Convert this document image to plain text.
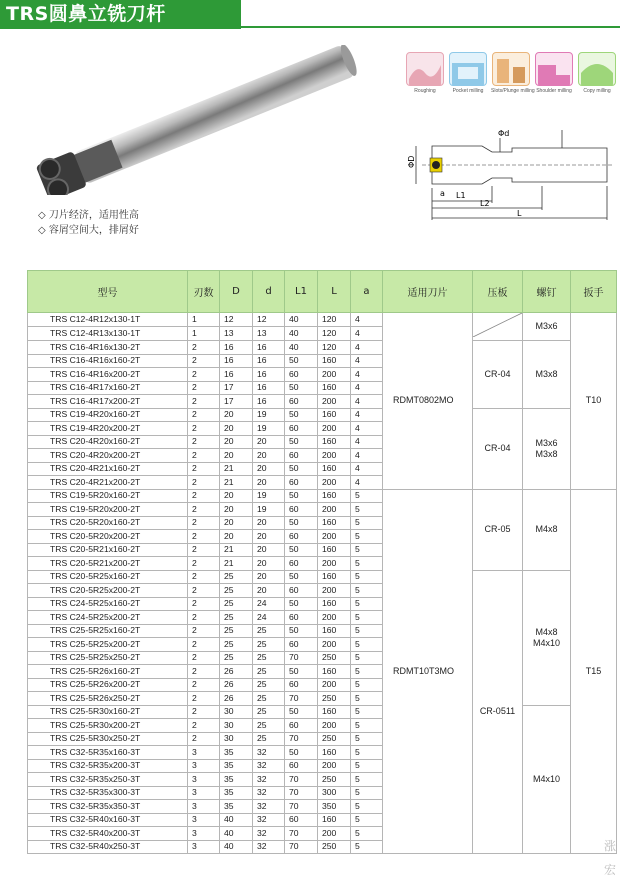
TRS圆鼻立铣刀杆
◇ 刀片经济，适用性高
◇ 容屑空间大，排屑好
Roughing	Pocket milling	Slots/Plunge milling Shoulder milling	Copy milling
ΦD
Φd
a L1
L2
L
型号	刃数	D	d	L1	L	a	适用刀片	压板	螺钉	扳手
TRS C12-4R12x130-1T	1	12	12	40	120	4	RDMT0802MO		M3x6	T10
TRS C12-4R13x130-1T	1	13	13	40	120	4				
TRS C16-4R16x130-2T	2	16	16	40	120	4		CR-04	M3x8	
TRS C16-4R16x160-2T	2	16	16	50	160	4				
TRS C16-4R16x200-2T	2	16	16	60	200	4				
TRS C16-4R17x160-2T	2	17	16	50	160	4				
TRS C16-4R17x200-2T	2	17	16	60	200	4				
TRS C19-4R20x160-2T	2	20	19	50	160	4		CR-04	M3x6
M3x8	

TRS C19-4R20x200-2T	2	20	19	60	200	4				
TRS C20-4R20x160-2T	2	20	20	50	160	4				
TRS C20-4R20x200-2T	2	20	20	60	200	4				
TRS C20-4R21x160-2T	2	21	20	50	160	4				
TRS C20-4R21x200-2T	2	21	20	60	200	4				
TRS C19-5R20x160-2T	2	20	19	50	160	5	RDMT10T3MO	CR-05	M4x8	T15
TRS C19-5R20x200-2T	2	20	19	60	200	5				
TRS C20-5R20x160-2T	2	20	20	50	160	5				
TRS C20-5R20x200-2T	2	20	20	60	200	5				
TRS C20-5R21x160-2T	2	21	20	50	160	5				
TRS C20-5R21x200-2T	2	21	20	60	200	5				
TRS C20-5R25x160-2T	2	25	20	50	160	5		CR-0511	M4x8
M4x10	

TRS C20-5R25x200-2T	2	25	20	60	200	5				
TRS C24-5R25x160-2T	2	25	24	50	160	5				
TRS C24-5R25x200-2T	2	25	24	60	200	5				
TRS C25-5R25x160-2T	2	25	25	50	160	5				
TRS C25-5R25x200-2T	2	25	25	60	200	5				
TRS C25-5R25x250-2T	2	25	25	70	250	5				
TRS C25-5R26x160-2T	2	26	25	50	160	5				
TRS C25-5R26x200-2T	2	26	25	60	200	5				
TRS C25-5R26x250-2T	2	26	25	70	250	5				
TRS C25-5R30x160-2T	2	30	25	50	160	5			M4x10	
TRS C25-5R30x200-2T	2	30	25	60	200	5				
TRS C25-5R30x250-2T	2	30	25	70	250	5				
TRS C32-5R35x160-3T	3	35	32	50	160	5				
TRS C32-5R35x200-3T	3	35	32	60	200	5				
TRS C32-5R35x250-3T	3	35	32	70	250	5				
TRS C32-5R35x300-3T	3	35	32	70	300	5				
TRS C32-5R35x350-3T	3	35	32	70	350	5				
TRS C32-5R40x160-3T	3	40	32	60	160	5				
TRS C32-5R40x200-3T	3	40	32	70	200	5				
TRS C32-5R40x250-3T	3	40	32	70	250	5					涨
宏
